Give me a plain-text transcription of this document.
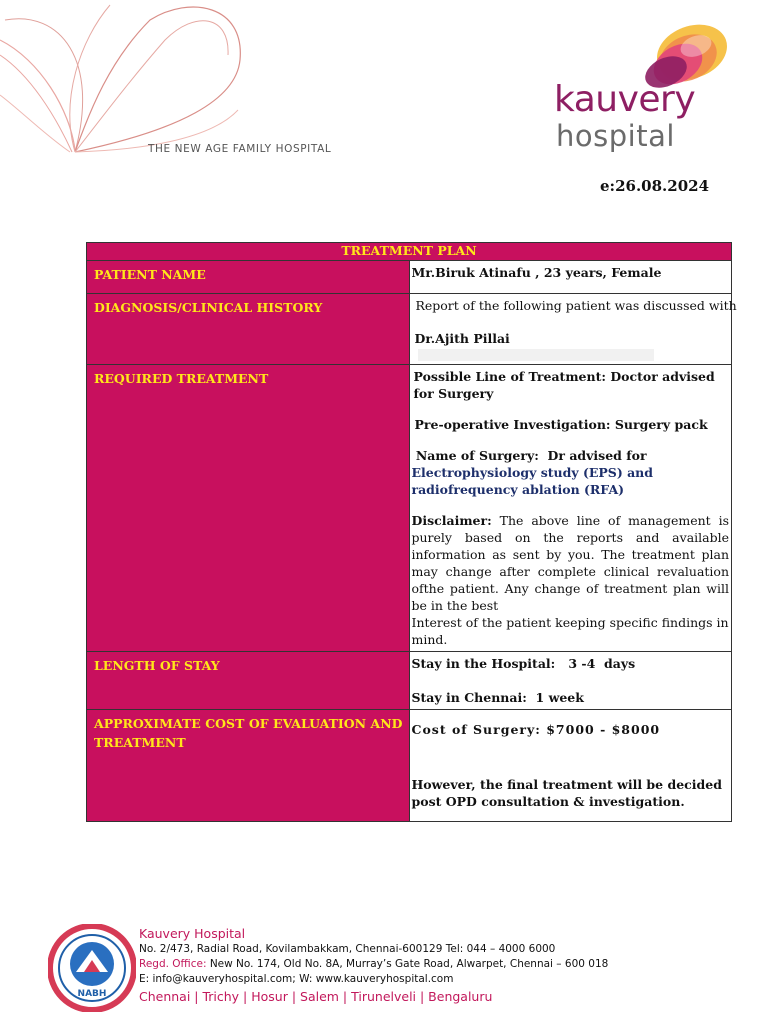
THE NEW AGE FAMILY HOSPITAL
kauvery
hospital
e:26.08.2024
TREATMENT PLAN	
PATIENT NAME	Mr.Biruk Atinafu , 23 years, Female
DIAGNOSIS/CLINICAL HISTORY	Report of the following patient was discussed with
Dr.Ajith Pillai

REQUIRED TREATMENT	Possible Line of Treatment: Doctor advised for Surgery
Pre-operative Investigation: Surgery pack
Name of Surgery:  Dr advised for Electrophysiology study (EPS) and radiofrequency ablation (RFA)
Disclaimer: The above line of management is purely based on the reports and available information as sent by you. The treatment plan may change after complete clinical revaluation ofthe patient. Any change of treatment plan will be in the best
Interest of the patient keeping specific findings in mind.

LENGTH OF STAY	Stay in the Hospital:   3 -4  days
Stay in Chennai:  1 week

APPROXIMATE COST OF EVALUATION AND TREATMENT	Cost of Surgery: $7000 - $8000
However, the final treatment will be decided post OPD consultation & investigation.
NABH
Kauvery Hospital
No. 2/473, Radial Road, Kovilambakkam, Chennai-600129 Tel: 044 – 4000 6000
Regd. Office: New No. 174, Old No. 8A, Murray’s Gate Road, Alwarpet, Chennai – 600 018
E: info@kauveryhospital.com; W: www.kauveryhospital.com
Chennai | Trichy | Hosur | Salem | Tirunelveli | Bengaluru
